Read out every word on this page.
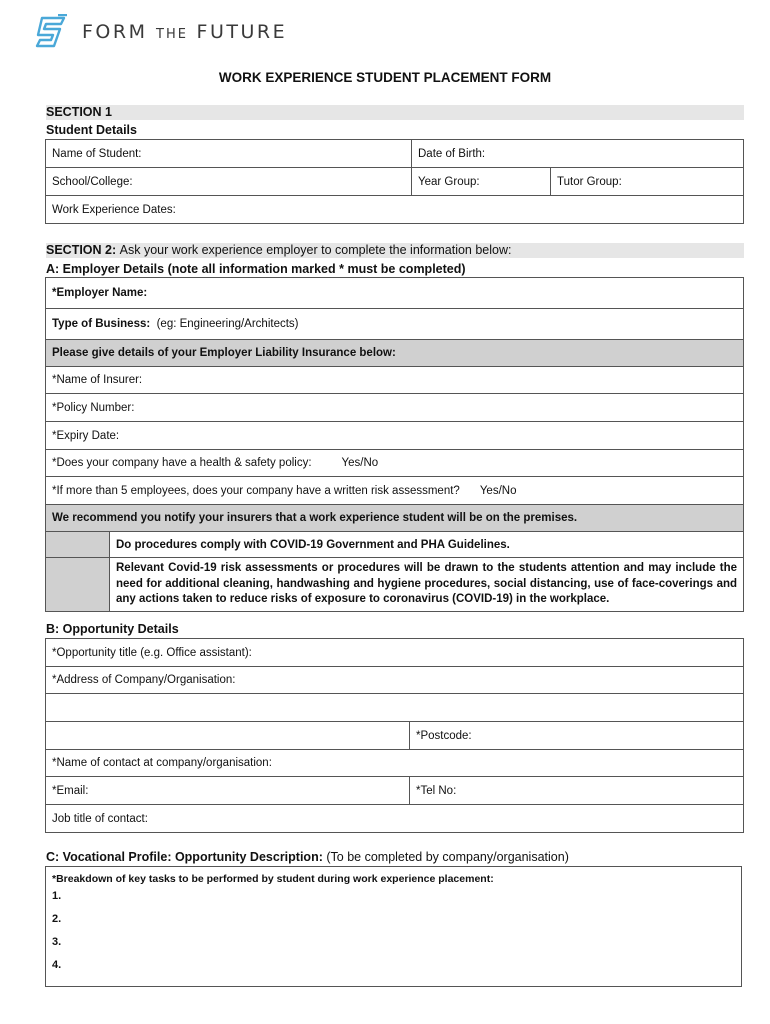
FORM THE FUTURE
WORK EXPERIENCE STUDENT PLACEMENT FORM
SECTION 1
Student Details
Name of Student:	Date of Birth:	
School/College:	Year Group:	Tutor Group:
Work Experience Dates:		
SECTION 2: Ask your work experience employer to complete the information below:
A: Employer Details (note all information marked * must be completed)
*Employer Name:	
Type of Business: (eg: Engineering/Architects)	
Please give details of your Employer Liability Insurance below:	
*Name of Insurer:	
*Policy Number:	
*Expiry Date:	
*Does your company have a health & safety policy: Yes/No	
*If more than 5 employees, does your company have a written risk assessment? Yes/No	
We recommend you notify your insurers that a work experience student will be on the premises.	
	Do procedures comply with COVID-19 Government and PHA Guidelines.
	Relevant Covid-19 risk assessments or procedures will be drawn to the students attention and may include the need for additional cleaning, handwashing and hygiene procedures, social distancing, use of face-coverings and any actions taken to reduce risks of exposure to coronavirus (COVID-19) in the workplace.
B: Opportunity Details
*Opportunity title (e.g. Office assistant):	
*Address of Company/Organisation:	

	*Postcode:
*Name of contact at company/organisation:	
*Email:	*Tel No:
Job title of contact:	
C: Vocational Profile: Opportunity Description: (To be completed by company/organisation)
*Breakdown of key tasks to be performed by student during work experience placement:
1.
2.
3.
4.
